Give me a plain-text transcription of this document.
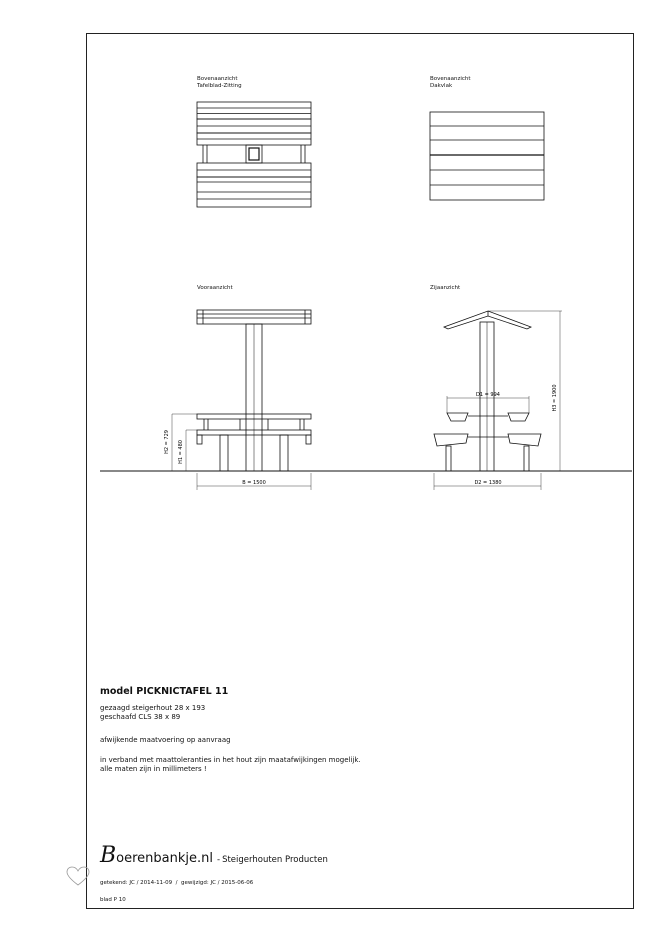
B = 1500
H2 = 729 H1 = 480
D1 = 994
D2 = 1380
H3 = 1900
Bovenaanzicht
Tafelblad-Zitting
Bovenaanzicht
Dakvlak
Vooraanzicht	Zijaanzicht
model PICKNICTAFEL 11
gezaagd steigerhout 28 x 193
geschaafd CLS 38 x 89
afwijkende maatvoering op aanvraag
in verband met maattoleranties in het hout zijn maatafwijkingen mogelijk.
alle maten zijn in millimeters !
Boerenbankje.nl - Steigerhouten Producten
getekend: JC / 2014-11-09 / gewijzigd: JC / 2015-06-06
blad P 10
